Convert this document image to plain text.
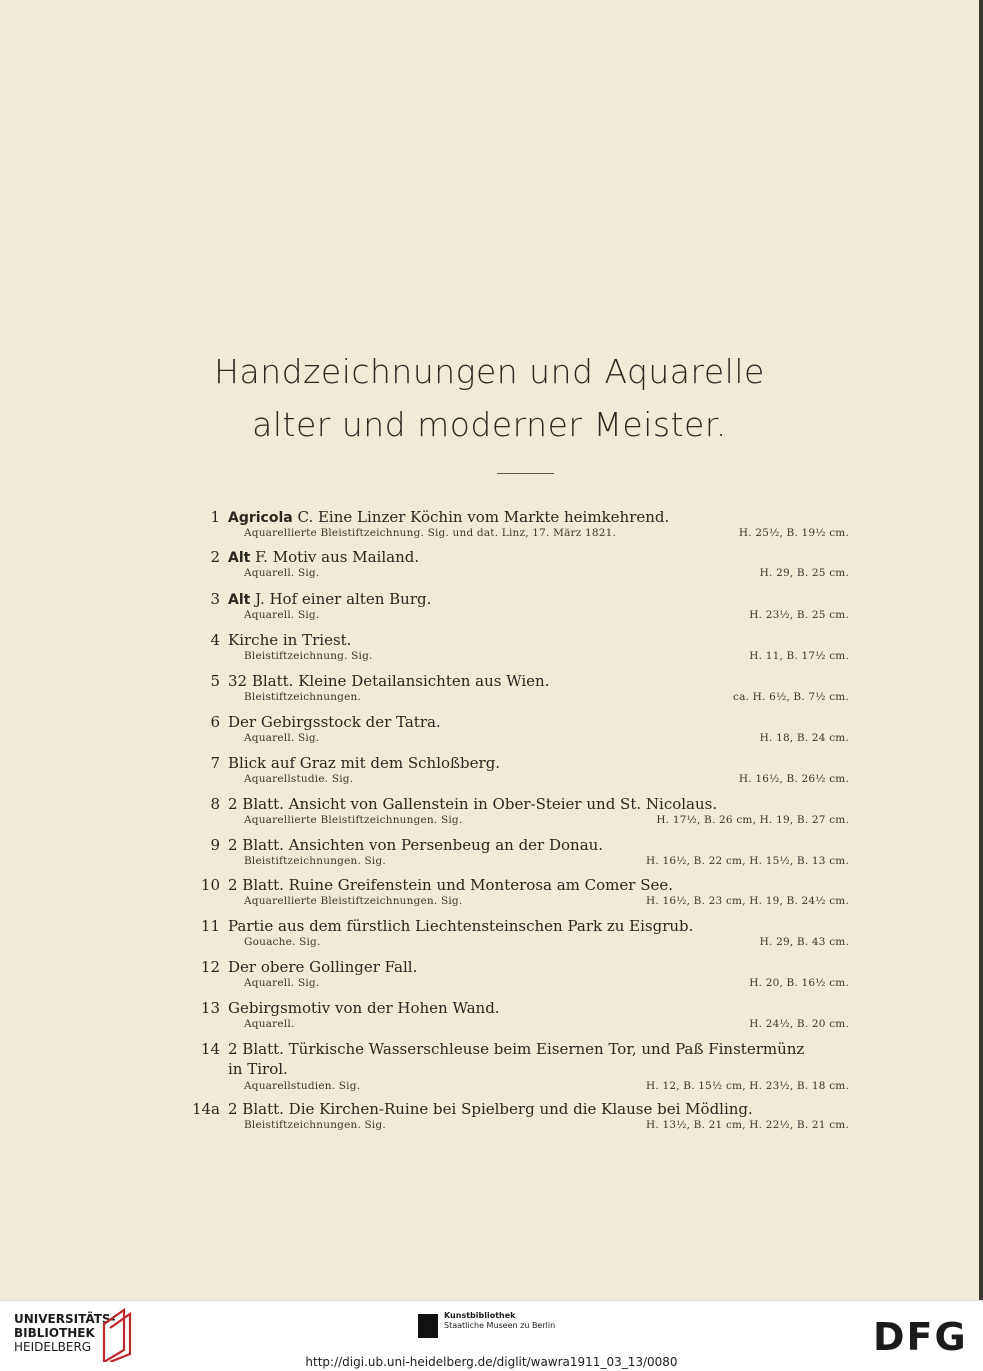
Handzeichnungen und Aquarelle
alter und moderner Meister.
1 Agricola C. Eine Linzer Köchin vom Markte heimkehrend.
Aquarellierte Bleistiftzeichnung. Sig. und dat. Linz, 17. März 1821.	H. 25½, B. 19½ cm.
2 Alt F. Motiv aus Mailand.
Aquarell. Sig.	H. 29, B. 25 cm.
3 Alt J. Hof einer alten Burg.
Aquarell. Sig.	H. 23½, B. 25 cm.
4 Kirche in Triest.
Bleistiftzeichnung. Sig.	H. 11, B. 17½ cm.
5 32 Blatt. Kleine Detailansichten aus Wien.
Bleistiftzeichnungen.	ca. H. 6½, B. 7½ cm.
6 Der Gebirgsstock der Tatra.
Aquarell. Sig.	H. 18, B. 24 cm.
7 Blick auf Graz mit dem Schloßberg.
Aquarellstudie. Sig.	H. 16½, B. 26½ cm.
8 2 Blatt. Ansicht von Gallenstein in Ober-Steier und St. Nicolaus.
Aquarellierte Bleistiftzeichnungen. Sig.	H. 17½, B. 26 cm, H. 19, B. 27 cm.
9 2 Blatt. Ansichten von Persenbeug an der Donau.
Bleistiftzeichnungen. Sig.	H. 16½, B. 22 cm, H. 15½, B. 13 cm.
10 2 Blatt. Ruine Greifenstein und Monterosa am Comer See.
Aquarellierte Bleistiftzeichnungen. Sig.	H. 16½, B. 23 cm, H. 19, B. 24½ cm.
11 Partie aus dem fürstlich Liechtensteinschen Park zu Eisgrub.
Gouache. Sig.	H. 29, B. 43 cm.
12 Der obere Gollinger Fall.
Aquarell. Sig.	H. 20, B. 16½ cm.
13 Gebirgsmotiv von der Hohen Wand.
Aquarell.	H. 24½, B. 20 cm.
14 2 Blatt. Türkische Wasserschleuse beim Eisernen Tor, und Paß Finstermünz
in Tirol.
Aquarellstudien. Sig.	H. 12, B. 15½ cm, H. 23½, B. 18 cm.
14a 2 Blatt. Die Kirchen-Ruine bei Spielberg und die Klause bei Mödling.
Bleistiftzeichnungen. Sig.	H. 13½, B. 21 cm, H. 22½, B. 21 cm.
UNIVERSITÄTS-
BIBLIOTHEK
HEIDELBERG
Kunstbibliothek
Staatliche Museen zu Berlin	DFG
http://digi.ub.uni-heidelberg.de/diglit/wawra1911_03_13/0080
